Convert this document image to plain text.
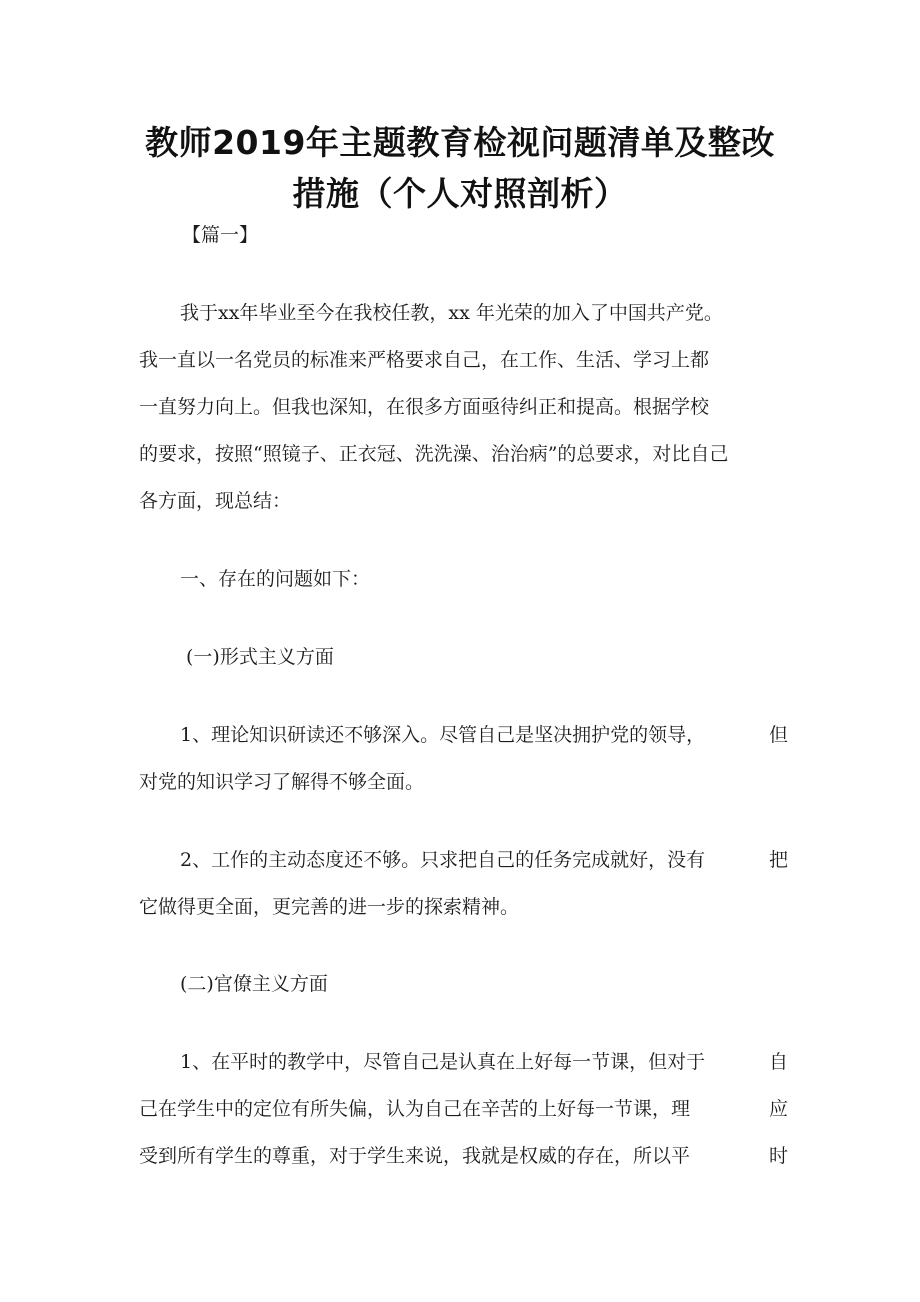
教师2019年主题教育检视问题清单及整改
措施（个人对照剖析）
【篇一】
我于xx年毕业至今在我校任教，xx 年光荣的加入了中国共产党。
我一直以一名党员的标准来严格要求自己，在工作、生活、学习上都
一直努力向上。但我也深知，在很多方面亟待纠正和提高。根据学校
的要求，按照“照镜子、正衣冠、洗洗澡、治治病”的总要求，对比自己
各方面，现总结：
一、存在的问题如下：
(一)形式主义方面
1、理论知识研读还不够深入。尽管自己是坚决拥护党的领导，	但
对党的知识学习了解得不够全面。
2、工作的主动态度还不够。只求把自己的任务完成就好，没有	把
它做得更全面，更完善的进一步的探索精神。
(二)官僚主义方面
1、在平时的教学中，尽管自己是认真在上好每一节课，但对于	自
己在学生中的定位有所失偏，认为自己在辛苦的上好每一节课，理	应
受到所有学生的尊重，对于学生来说，我就是权威的存在，所以平	时
